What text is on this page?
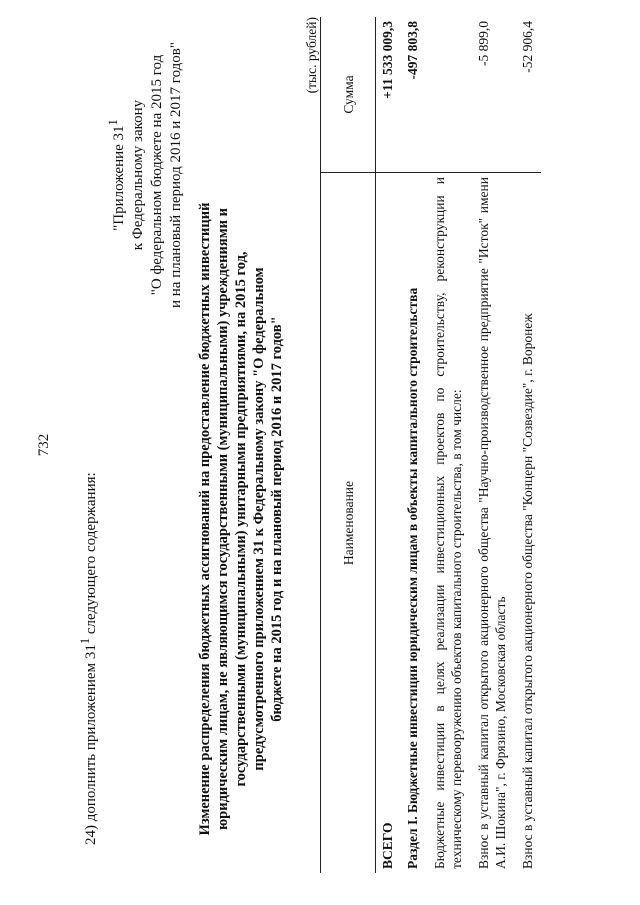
732
24) дополнить приложением $31^1$ следующего содержания:
"Приложение $31^1$ к Федеральному закону "О федеральном бюджете на 2015 год и на плановый период 2016 и 2017 годов"
Изменение распределения бюджетных ассигнований на предоставление бюджетных инвестиций юридическим лицам, не являющимся государственными (муниципальными) учреждениями и государственными (муниципальными) унитарными предприятиями, на 2015 год, предусмотренного приложением 31 к Федеральному закону "О федеральном бюджете на 2015 год и на плановый период 2016 и 2017 годов"
(тыс. рублей)
Наименование	Сумма
ВСЕГО	+11 533 009,3
Раздел I. Бюджетные инвестиции юридическим лицам в объекты капитального строительства	-497 803,8
Бюджетные инвестиции в целях реализации инвестиционных проектов по строительству, реконструкции и техническому перевооружению объектов капитального строительства, в том числе:	
Взнос в уставный капитал открытого акционерного общества "Научно-производственное предприятие "Исток" имени А.И. Шокина", г. Фрязино, Московская область	-5 899,0
Взнос в уставный капитал открытого акционерного общества "Концерн "Созвездие", г. Воронеж	-52 906,4
